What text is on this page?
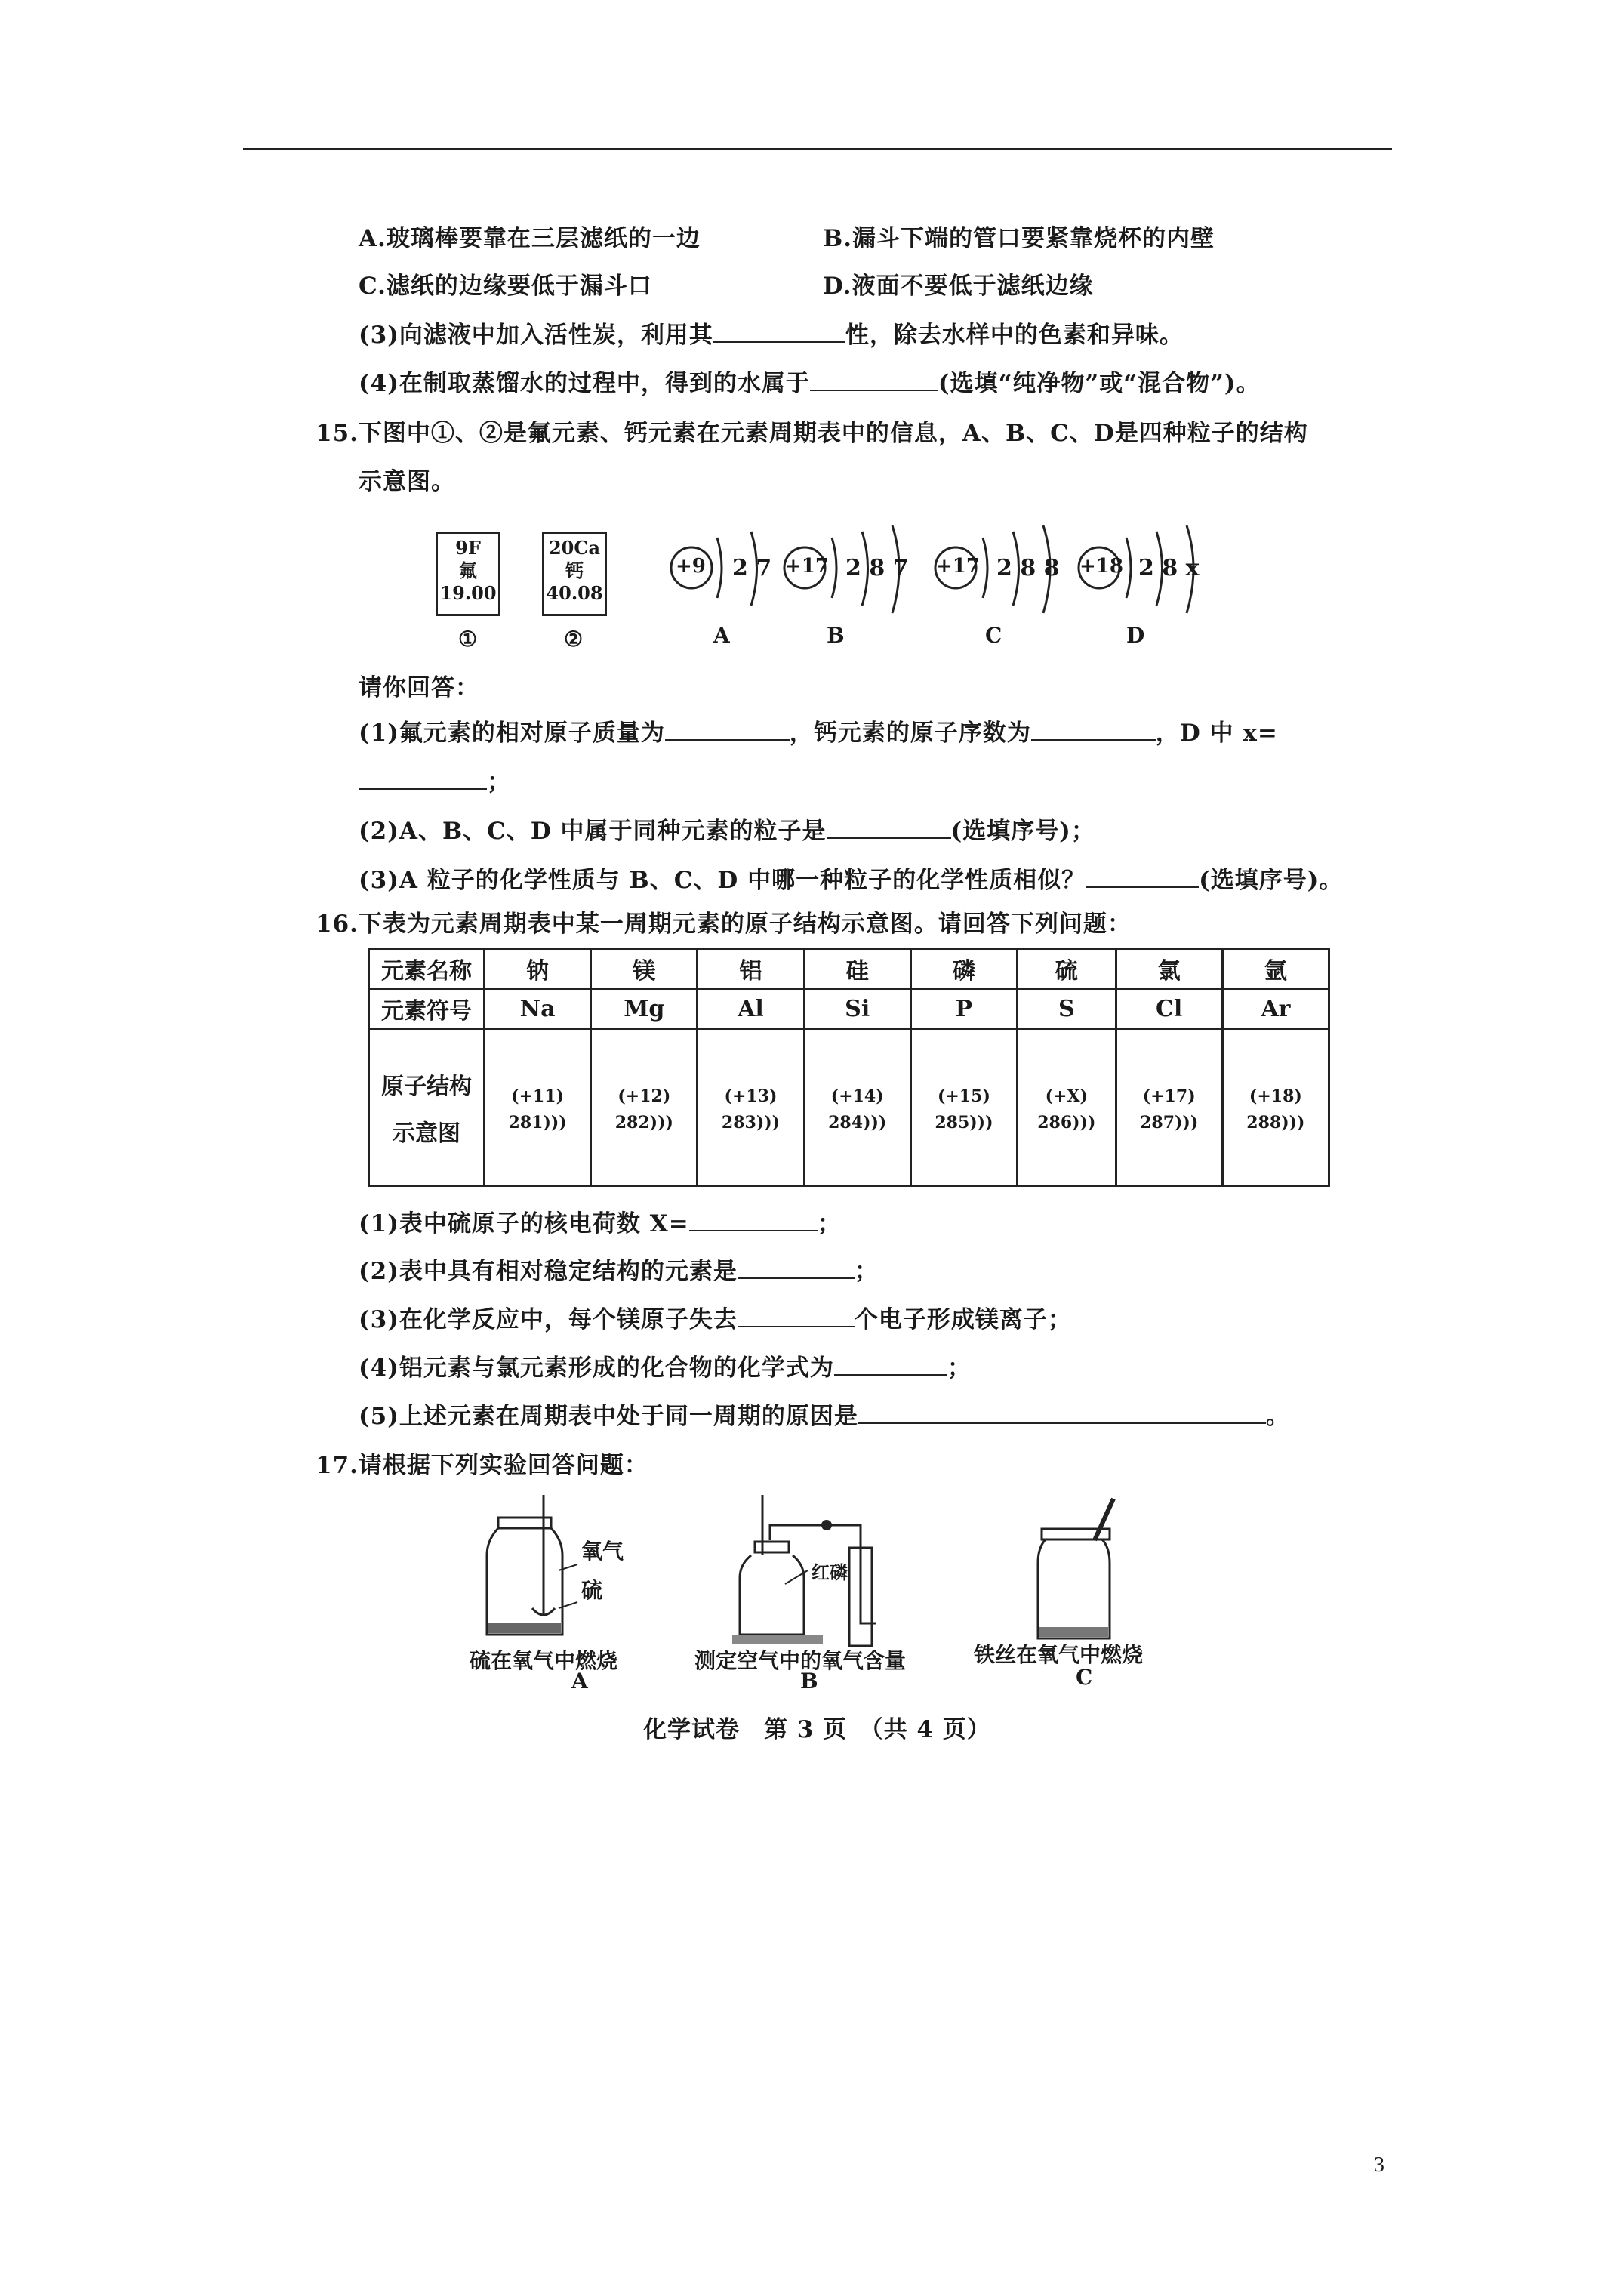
A.玻璃棒要靠在三层滤纸的一边	B.漏斗下端的管口要紧靠烧杯的内壁
C.滤纸的边缘要低于漏斗口	D.液面不要低于滤纸边缘
(3)向滤液中加入活性炭，利用其	性，除去水样中的色素和异味。
(4)在制取蒸馏水的过程中，得到的水属于	(选填“纯净物”或“混合物”)。
15.下图中①、②是氟元素、钙元素在元素周期表中的信息，A、B、C、D是四种粒子的结构
示意图。
9F
氟
19.00
20Ca
钙
40.08
①	②
+9 2 7 +17 2 8 7 +17 2 8 8 +18 2 8 x
A	B	C	D
请你回答：
(1)氟元素的相对原子质量为	，钙元素的原子序数为	，D 中 x=
；
(2)A、B、C、D 中属于同种元素的粒子是	(选填序号)；
(3)A 粒子的化学性质与 B、C、D 中哪一种粒子的化学性质相似？	(选填序号)。
16.下表为元素周期表中某一周期元素的原子结构示意图。请回答下列问题：
元素名称	钠	镁	铝	硅	磷	硫	氯	氩
元素符号	Na	Mg	Al	Si	P	S	Cl	Ar

原子结构
示意图	(+11) 281)))	(+12) 282)))	(+13) 283)))	(+14) 284)))	(+15) 285)))	(+X) 286)))	(+17) 287)))	(+18) 288)))
(1)表中硫原子的核电荷数 X=	；
(2)表中具有相对稳定结构的元素是	；
(3)在化学反应中，每个镁原子失去	个电子形成镁离子；
(4)铝元素与氯元素形成的化合物的化学式为	；
(5)上述元素在周期表中处于同一周期的原因是	。
17.请根据下列实验回答问题：
氧气
硫
红磷
硫在氧气中燃烧
A
测定空气中的氧气含量
B
铁丝在氧气中燃烧
C
化学试卷　第 3 页　（共 4 页）
3
